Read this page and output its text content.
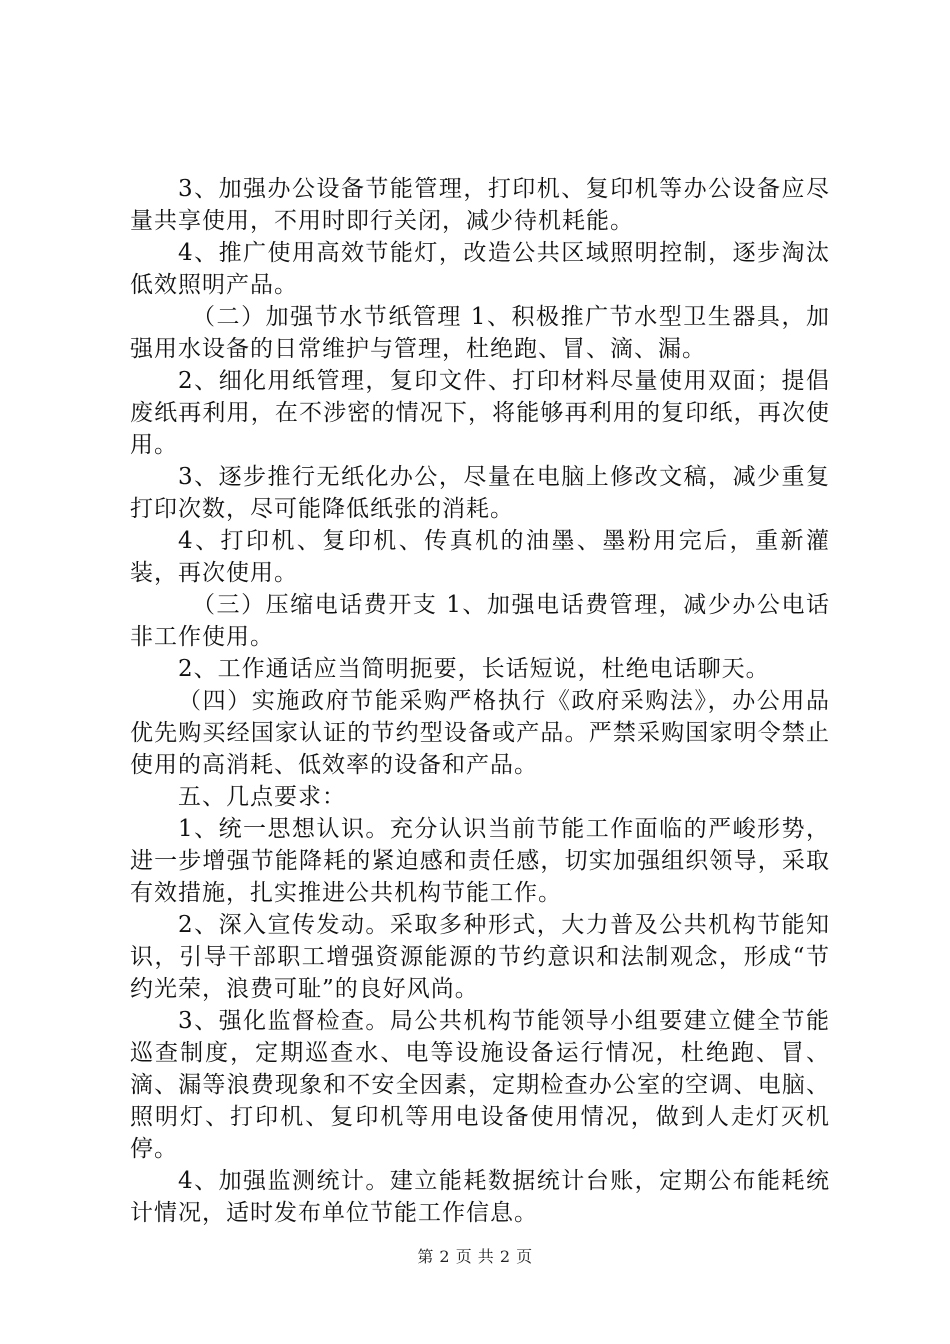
3、加强办公设备节能管理，打印机、复印机等办公设备应尽量共享使用，不用时即行关闭，减少待机耗能。

4、推广使用高效节能灯，改造公共区域照明控制，逐步淘汰低效照明产品。

（二）加强节水节纸管理 1、积极推广节水型卫生器具，加强用水设备的日常维护与管理，杜绝跑、冒、滴、漏。

2、细化用纸管理，复印文件、打印材料尽量使用双面；提倡废纸再利用，在不涉密的情况下，将能够再利用的复印纸，再次使用。

3、逐步推行无纸化办公，尽量在电脑上修改文稿，减少重复打印次数，尽可能降低纸张的消耗。

4、打印机、复印机、传真机的油墨、墨粉用完后，重新灌装，再次使用。

（三）压缩电话费开支 1、加强电话费管理，减少办公电话非工作使用。

2、工作通话应当简明扼要，长话短说，杜绝电话聊天。

（四）实施政府节能采购严格执行《政府采购法》，办公用品优先购买经国家认证的节约型设备或产品。严禁采购国家明令禁止使用的高消耗、低效率的设备和产品。

五、几点要求：

1、统一思想认识。充分认识当前节能工作面临的严峻形势，进一步增强节能降耗的紧迫感和责任感，切实加强组织领导，采取有效措施，扎实推进公共机构节能工作。

2、深入宣传发动。采取多种形式，大力普及公共机构节能知识，引导干部职工增强资源能源的节约意识和法制观念，形成“节约光荣，浪费可耻”的良好风尚。

3、强化监督检查。局公共机构节能领导小组要建立健全节能巡查制度，定期巡查水、电等设施设备运行情况，杜绝跑、冒、滴、漏等浪费现象和不安全因素，定期检查办公室的空调、电脑、照明灯、打印机、复印机等用电设备使用情况，做到人走灯灭机停。

4、加强监测统计。建立能耗数据统计台账，定期公布能耗统计情况，适时发布单位节能工作信息。

第 2 页 共 2 页
